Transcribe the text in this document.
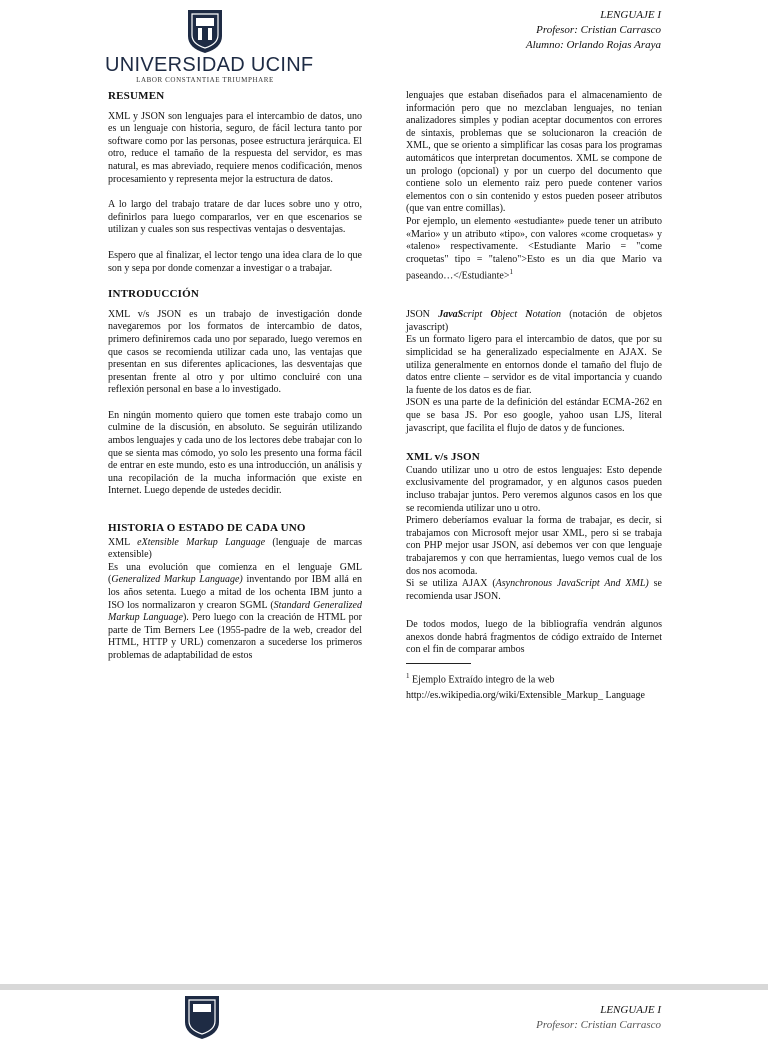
UNIVERSIDAD UCINF
LABOR CONSTANTIAE TRIUMPHARE
LENGUAJE I
Profesor: Cristian Carrasco
Alumno: Orlando Rojas Araya
RESUMEN

XML y JSON son lenguajes para el intercambio de datos, uno es un lenguaje con historia, seguro, de fácil lectura tanto por software como por las personas, posee estructura jerárquica. El otro, reduce el tamaño de la respuesta del servidor, es mas natural, es mas abreviado, requiere menos codificación, menos procesamiento y representa mejor la estructura de datos.

A lo largo del trabajo tratare de dar luces sobre uno y otro, definirlos para luego compararlos, ver en que escenarios se utilizan y cuales son sus respectivas ventajas o desventajas.

Espero que al finalizar, el lector tengo una idea clara de lo que son y sepa por donde comenzar a investigar o a trabajar.

INTRODUCCIÓN

XML v/s JSON es un trabajo de investigación donde navegaremos por los formatos de intercambio de datos, primero definiremos cada uno por separado, luego veremos en que casos se recomienda utilizar cada uno, las ventajas que presentan en sus diferentes aplicaciones, las desventajas que presentan frente al otro y por ultimo concluiré con una reflexión personal en base a lo investigado.

En ningún momento quiero que tomen este trabajo como un culmine de la discusión, en absoluto. Se seguirán utilizando ambos lenguajes y cada uno de los lectores debe trabajar con lo que se sienta mas cómodo, yo solo les presento una forma fácil de entrar en este mundo, esto es una introducción, un análisis y una recopilación de la mucha información que existe en Internet. Luego depende de ustedes decidir.

HISTORIA O ESTADO DE CADA UNO

XML eXtensible Markup Language (lenguaje de marcas extensible)

Es una evolución que comienza en el lenguaje GML (Generalized Markup Language) inventando por IBM allá en los años setenta. Luego a mitad de los ochenta IBM junto a ISO los normalizaron y crearon SGML (Standard Generalized Markup Language). Pero luego con la creación de HTML por parte de Tim Berners Lee (1955-padre de la web, creador del HTML, HTTP y URL) comenzaron a sucederse los primeros problemas de adaptabilidad de estos

lenguajes que estaban diseñados para el almacenamiento de información pero que no mezclaban lenguajes, no tenian analizadores simples y podian aceptar documentos con errores de sintaxis, problemas que se solucionaron la creación de XML, que se oriento a simplificar las cosas para los programas automáticos que interpretan documentos. XML se compone de un prologo (opcional) y por un cuerpo del documento que contiene solo un elemento raiz pero puede contener varios elementos con o sin contenido y estos pueden poseer atributos (que van entre comillas).

Por ejemplo, un elemento «estudiante» puede tener un atributo «Mario» y un atributo «tipo», con valores «come croquetas» y «taleno» respectivamente. <Estudiante Mario = "come croquetas" tipo = "taleno">Esto es un dia que Mario va paseando…</Estudiante>$^1$

JSON JavaScript Object Notation (notación de objetos javascript)

Es un formato ligero para el intercambio de datos, que por su simplicidad se ha generalizado especialmente en AJAX. Se utiliza generalmente en entornos donde el tamaño del flujo de datos entre cliente – servidor es de vital importancia y cuando la fuente de los datos es de fiar.

JSON es una parte de la definición del estándar ECMA-262 en que se basa JS. Por eso google, yahoo usan LJS, literal javascript, que facilita el flujo de datos y de funciones.

XML v/s JSON

Cuando utilizar uno u otro de estos lenguajes: Esto depende exclusivamente del programador, y en algunos casos pueden incluso trabajar juntos. Pero veremos algunos casos en los que se recomienda utilizar uno u otro.

Primero deberíamos evaluar la forma de trabajar, es decir, si trabajamos con Microsoft mejor usar XML, pero si se trabaja con PHP mejor usar JSON, así debemos ver con que lenguaje trabajaremos y con que herramientas, luego vemos cual de los dos nos acomoda.

Si se utiliza AJAX (Asynchronous JavaScript And XML) se recomienda usar JSON.

De todos modos, luego de la bibliografía vendrán algunos anexos donde habrá fragmentos de código extraído de Internet con el fin de comparar ambos

$^1$ Ejemplo Extraído integro de la web
http://es.wikipedia.org/wiki/Extensible_Markup_ Language
LENGUAJE I
Profesor: Cristian Carrasco
